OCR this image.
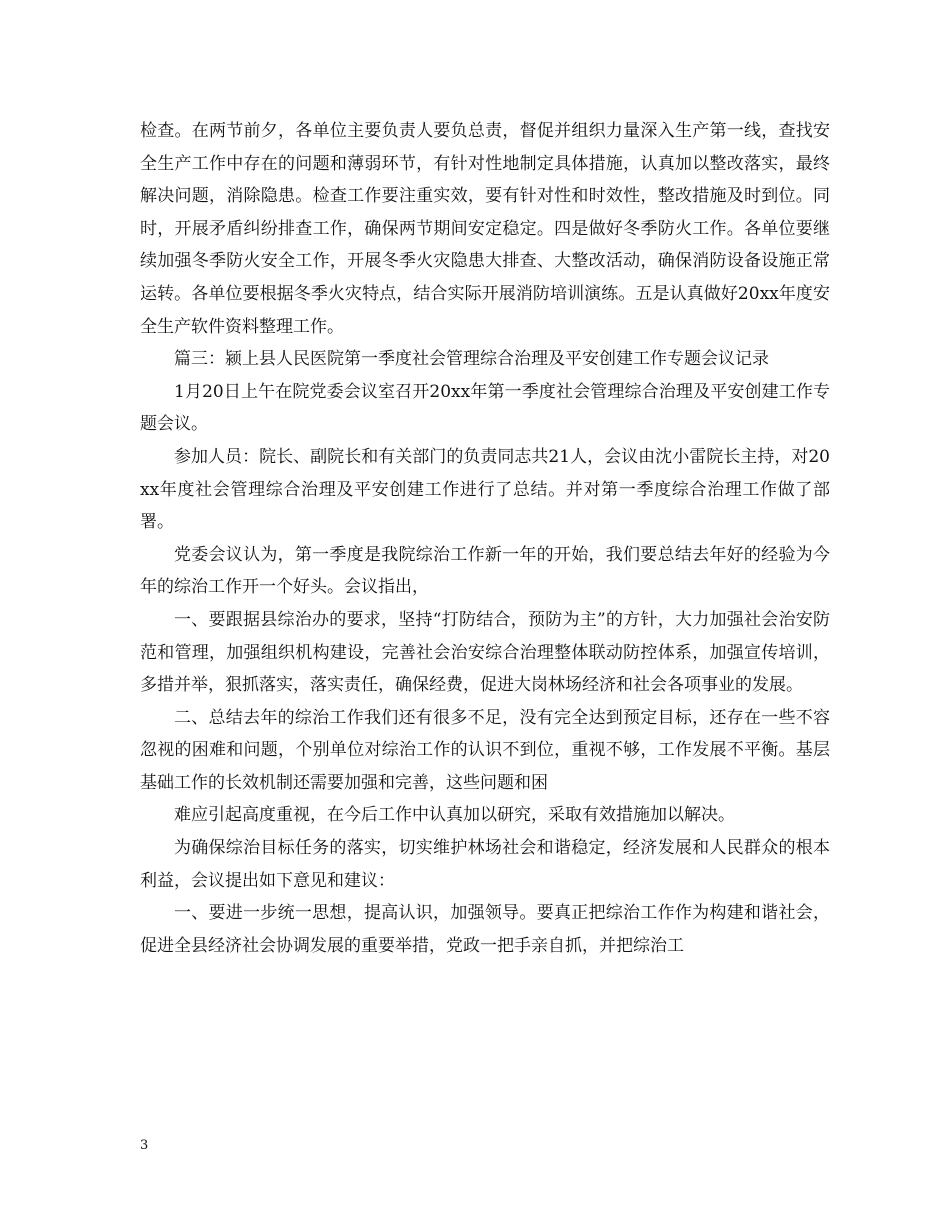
检查。在两节前夕，各单位主要负责人要负总责，督促并组织力量深入生产第一线，查找安全生产工作中存在的问题和薄弱环节，有针对性地制定具体措施，认真加以整改落实，最终解决问题，消除隐患。检查工作要注重实效，要有针对性和时效性，整改措施及时到位。同时，开展矛盾纠纷排查工作，确保两节期间安定稳定。四是做好冬季防火工作。各单位要继续加强冬季防火安全工作，开展冬季火灾隐患大排查、大整改活动，确保消防设备设施正常运转。各单位要根据冬季火灾特点，结合实际开展消防培训演练。五是认真做好20xx年度安全生产软件资料整理工作。

篇三：颍上县人民医院第一季度社会管理综合治理及平安创建工作专题会议记录

1月20日上午在院党委会议室召开20xx年第一季度社会管理综合治理及平安创建工作专题会议。

参加人员：院长、副院长和有关部门的负责同志共21人，会议由沈小雷院长主持，对20xx年度社会管理综合治理及平安创建工作进行了总结。并对第一季度综合治理工作做了部署。

党委会议认为，第一季度是我院综治工作新一年的开始，我们要总结去年好的经验为今年的综治工作开一个好头。会议指出，

一、要跟据县综治办的要求，坚持“打防结合，预防为主”的方针，大力加强社会治安防范和管理，加强组织机构建设，完善社会治安综合治理整体联动防控体系，加强宣传培训，多措并举，狠抓落实，落实责任，确保经费，促进大岗林场经济和社会各项事业的发展。

二、总结去年的综治工作我们还有很多不足，没有完全达到预定目标，还存在一些不容忽视的困难和问题，个别单位对综治工作的认识不到位，重视不够，工作发展不平衡。基层基础工作的长效机制还需要加强和完善，这些问题和困

难应引起高度重视，在今后工作中认真加以研究，采取有效措施加以解决。

为确保综治目标任务的落实，切实维护林场社会和谐稳定，经济发展和人民群众的根本利益，会议提出如下意见和建议：

一、要进一步统一思想，提高认识，加强领导。要真正把综治工作作为构建和谐社会，促进全县经济社会协调发展的重要举措，党政一把手亲自抓，并把综治工

3
